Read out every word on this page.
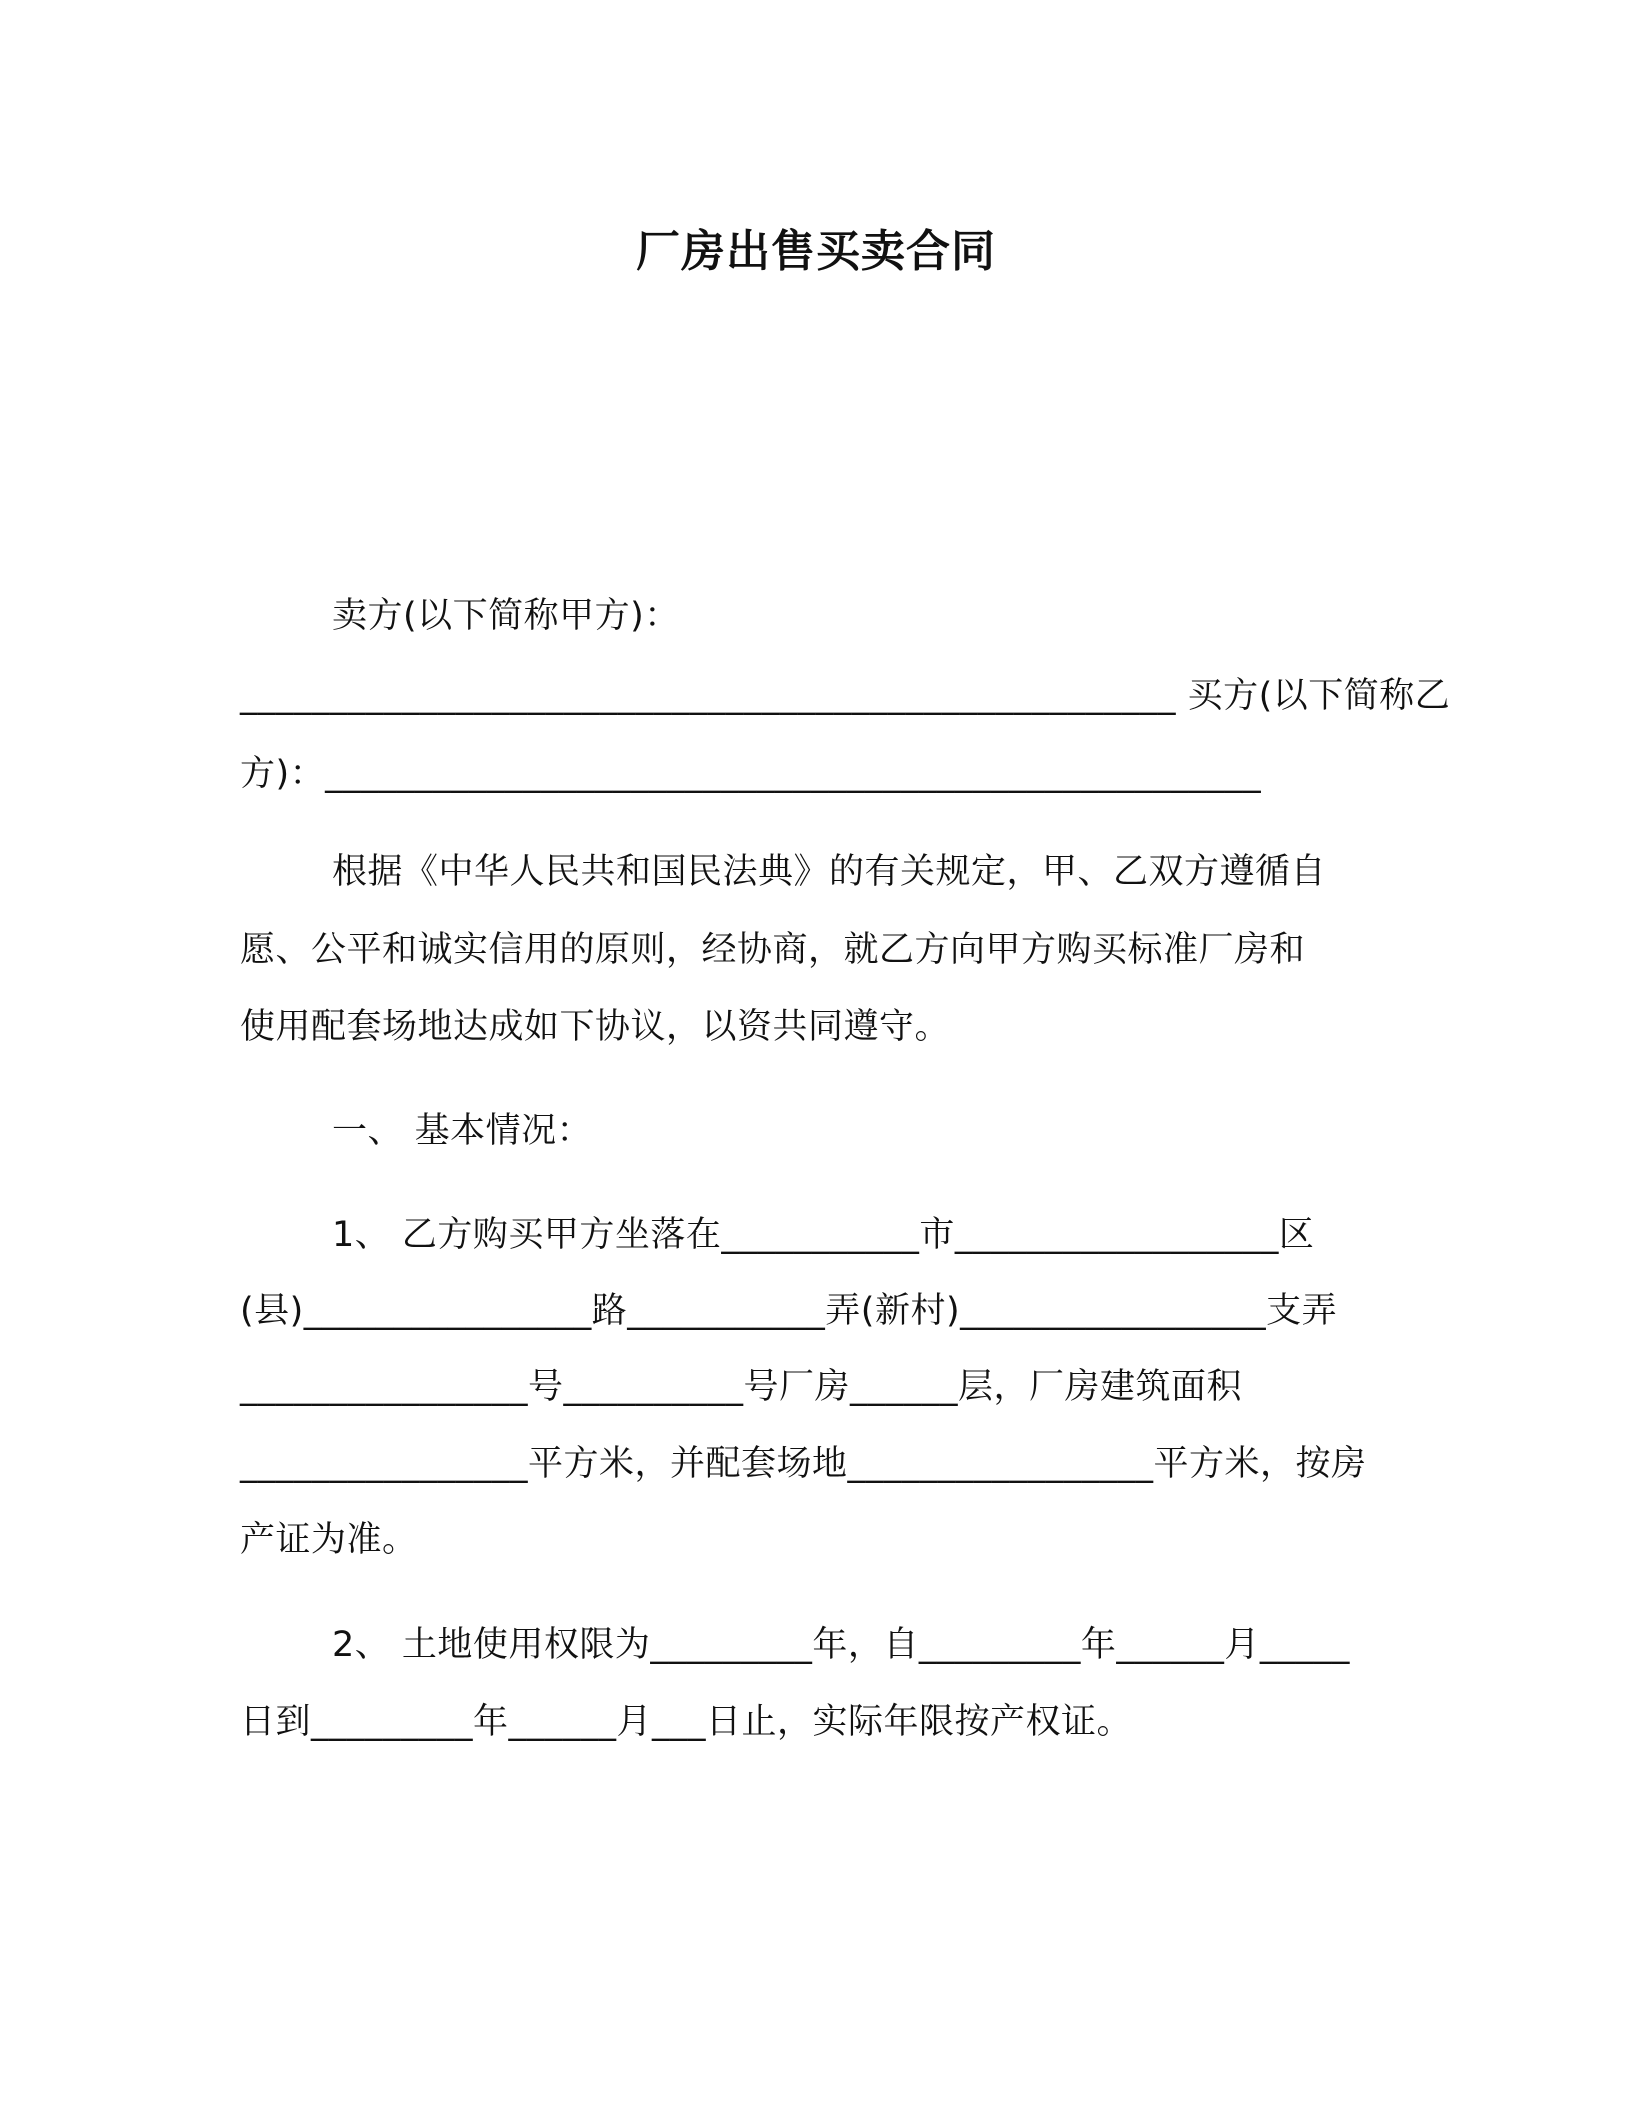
厂房出售买卖合同
卖方(以下简称甲方)：
____________________________________________________ 买方(以下简称乙
方)：____________________________________________________
根据《中华人民共和国民法典》的有关规定，甲、乙双方遵循自
愿、公平和诚实信用的原则，经协商，就乙方向甲方购买标准厂房和
使用配套场地达成如下协议，以资共同遵守。
一、 基本情况：
1、 乙方购买甲方坐落在___________市__________________区
(县)________________路___________弄(新村)_________________支弄
________________号__________号厂房______层，厂房建筑面积
________________平方米，并配套场地_________________平方米，按房
产证为准。
2、 土地使用权限为_________年，自_________年______月_____
日到_________年______月___日止，实际年限按产权证。
